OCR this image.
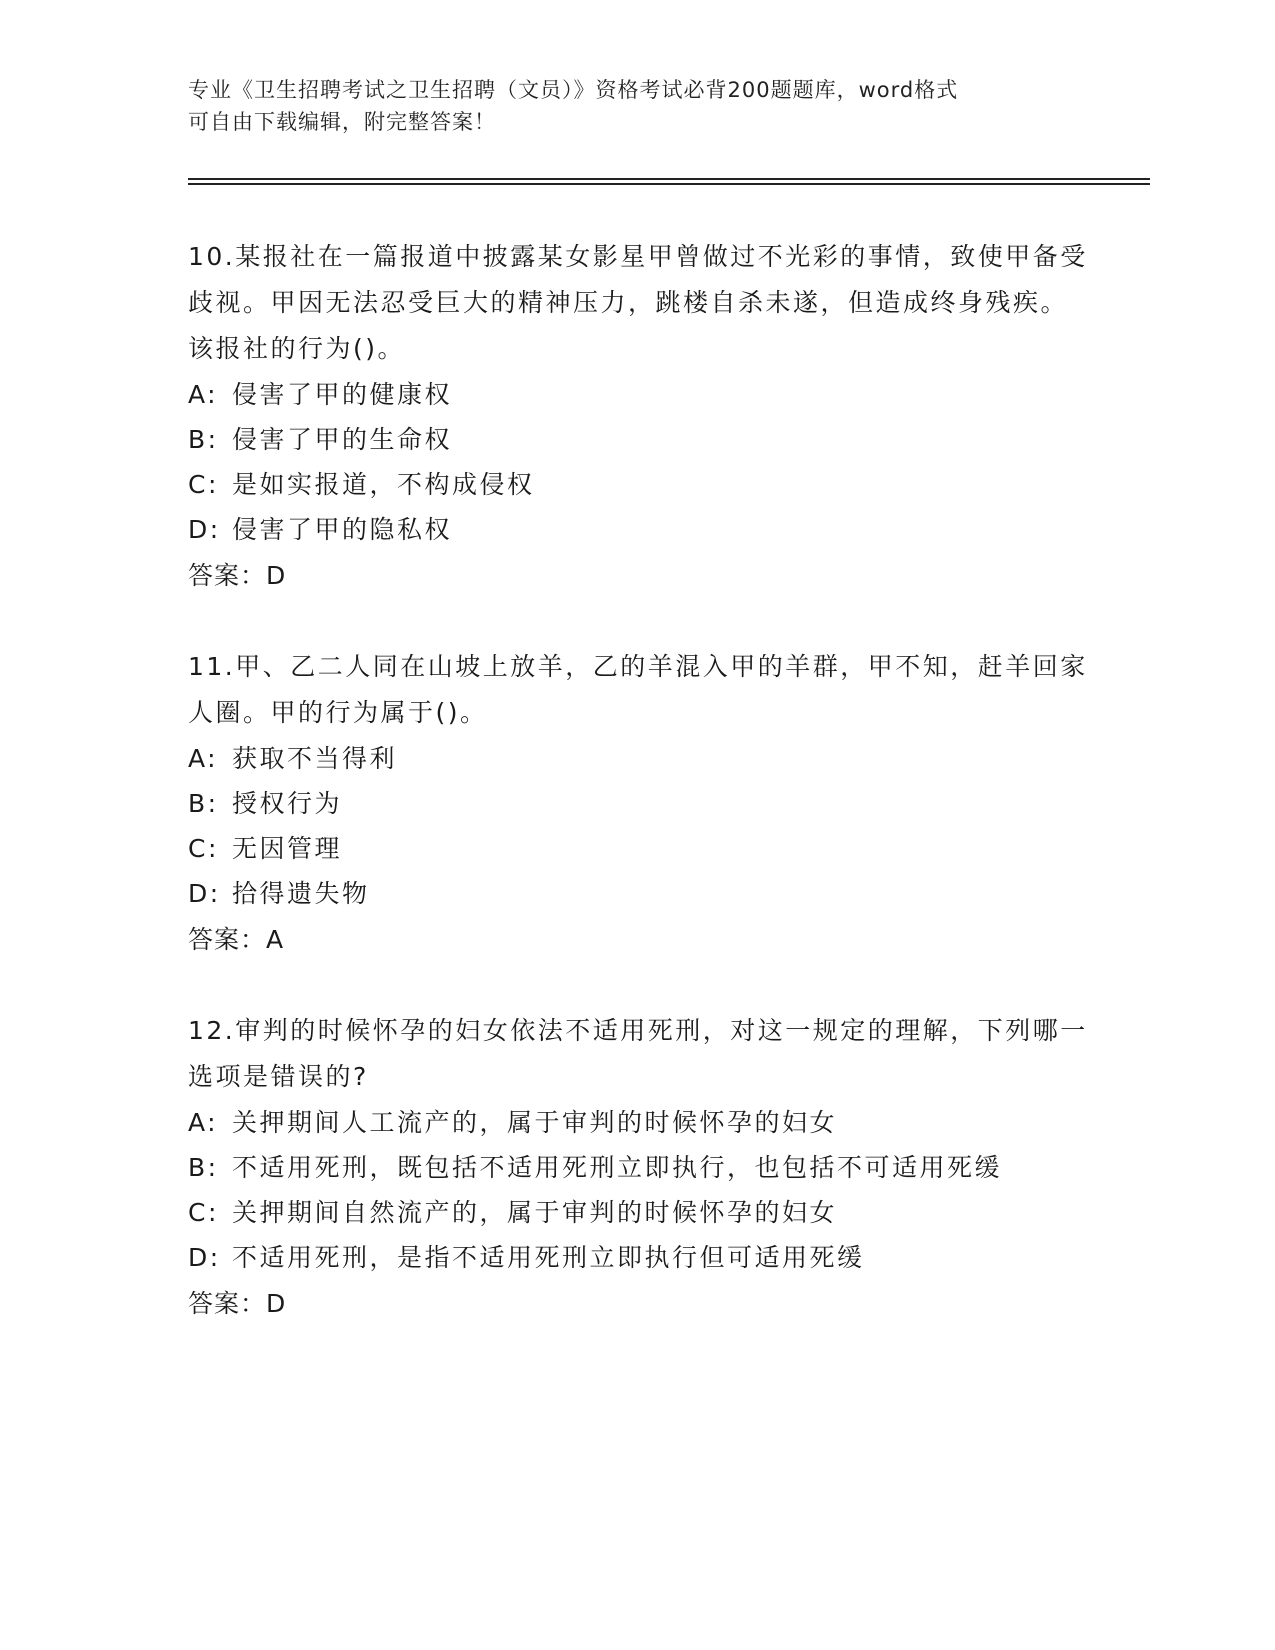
专业《卫生招聘考试之卫生招聘（文员）》资格考试必背200题题库，word格式
可自由下载编辑，附完整答案！
10.某报社在一篇报道中披露某女影星甲曾做过不光彩的事情，致使甲备受歧视。甲因无法忍受巨大的精神压力，跳楼自杀未遂，但造成终身残疾。该报社的行为()。
A: 侵害了甲的健康权
B: 侵害了甲的生命权
C: 是如实报道，不构成侵权
D: 侵害了甲的隐私权
答案：D
11.甲、乙二人同在山坡上放羊，乙的羊混入甲的羊群，甲不知，赶羊回家人圈。甲的行为属于()。
A: 获取不当得利
B: 授权行为
C: 无因管理
D: 拾得遗失物
答案：A
12.审判的时候怀孕的妇女依法不适用死刑，对这一规定的理解，下列哪一选项是错误的?
A: 关押期间人工流产的，属于审判的时候怀孕的妇女
B: 不适用死刑，既包括不适用死刑立即执行，也包括不可适用死缓
C: 关押期间自然流产的，属于审判的时候怀孕的妇女
D: 不适用死刑，是指不适用死刑立即执行但可适用死缓
答案：D
